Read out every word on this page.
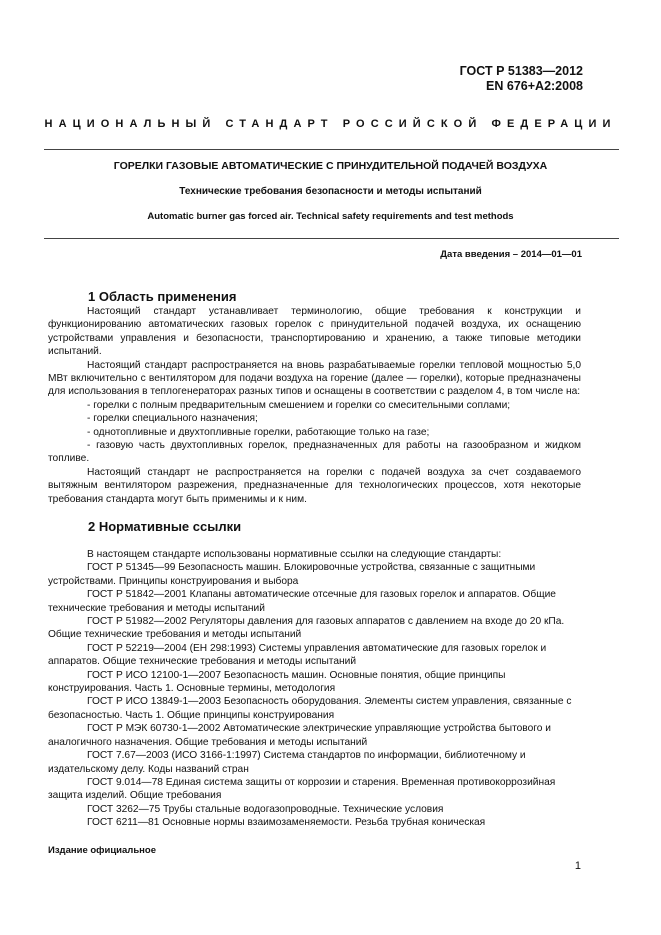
ГОСТ Р 51383—2012
EN 676+A2:2008
НАЦИОНАЛЬНЫЙ СТАНДАРТ РОССИЙСКОЙ ФЕДЕРАЦИИ
ГОРЕЛКИ ГАЗОВЫЕ АВТОМАТИЧЕСКИЕ С ПРИНУДИТЕЛЬНОЙ ПОДАЧЕЙ ВОЗДУХА
Технические требования безопасности и методы испытаний
Automatic burner gas forced air. Technical safety requirements and test methods
Дата введения – 2014—01—01
1 Область применения

Настоящий стандарт устанавливает терминологию, общие требования к конструкции и функционированию автоматических газовых горелок с принудительной подачей воздуха, их оснащению устройствами управления и безопасности, транспортированию и хранению, а также типовые методики испытаний.

Настоящий стандарт распространяется на вновь разрабатываемые горелки тепловой мощностью 5,0 МВт включительно с вентилятором для подачи воздуха на горение (далее — горелки), которые предназначены для использования в теплогенераторах разных типов и оснащены в соответствии с разделом 4, в том числе на:

- горелки с полным предварительным смешением и горелки со смесительными соплами;

- горелки специального назначения;

- однотопливные и двухтопливные горелки, работающие только на газе;

- газовую часть двухтопливных горелок, предназначенных для работы на газообразном и жидком топливе.

Настоящий стандарт не распространяется на горелки с подачей воздуха за счет создаваемого вытяжным вентилятором разрежения, предназначенные для технологических процессов, хотя некоторые требования стандарта могут быть применимы и к ним.

2 Нормативные ссылки

В настоящем стандарте использованы нормативные ссылки на следующие стандарты:

ГОСТ Р 51345—99 Безопасность машин. Блокировочные устройства, связанные с защитными устройствами. Принципы конструирования и выбора

ГОСТ Р 51842—2001 Клапаны автоматические отсечные для газовых горелок и аппаратов. Общие технические требования и методы испытаний

ГОСТ Р 51982—2002 Регуляторы давления для газовых аппаратов с давлением на входе до 20 кПа. Общие технические требования и методы испытаний

ГОСТ Р 52219—2004 (ЕН 298:1993) Системы управления автоматические для газовых горелок и аппаратов. Общие технические требования и методы испытаний

ГОСТ Р ИСО 12100-1—2007 Безопасность машин. Основные понятия, общие принципы конструирования. Часть 1. Основные термины, методология

ГОСТ Р ИСО 13849-1—2003 Безопасность оборудования. Элементы систем управления, связанные с безопасностью. Часть 1. Общие принципы конструирования

ГОСТ Р МЭК 60730-1—2002 Автоматические электрические управляющие устройства бытового и аналогичного назначения. Общие требования и методы испытаний

ГОСТ 7.67—2003 (ИСО 3166-1:1997) Система стандартов по информации, библиотечному и издательскому делу. Коды названий стран

ГОСТ 9.014—78 Единая система защиты от коррозии и старения. Временная противокоррозийная защита изделий. Общие требования

ГОСТ 3262—75 Трубы стальные водогазопроводные. Технические условия

ГОСТ 6211—81 Основные нормы взаимозаменяемости. Резьба трубная коническая

Издание официальное
1
